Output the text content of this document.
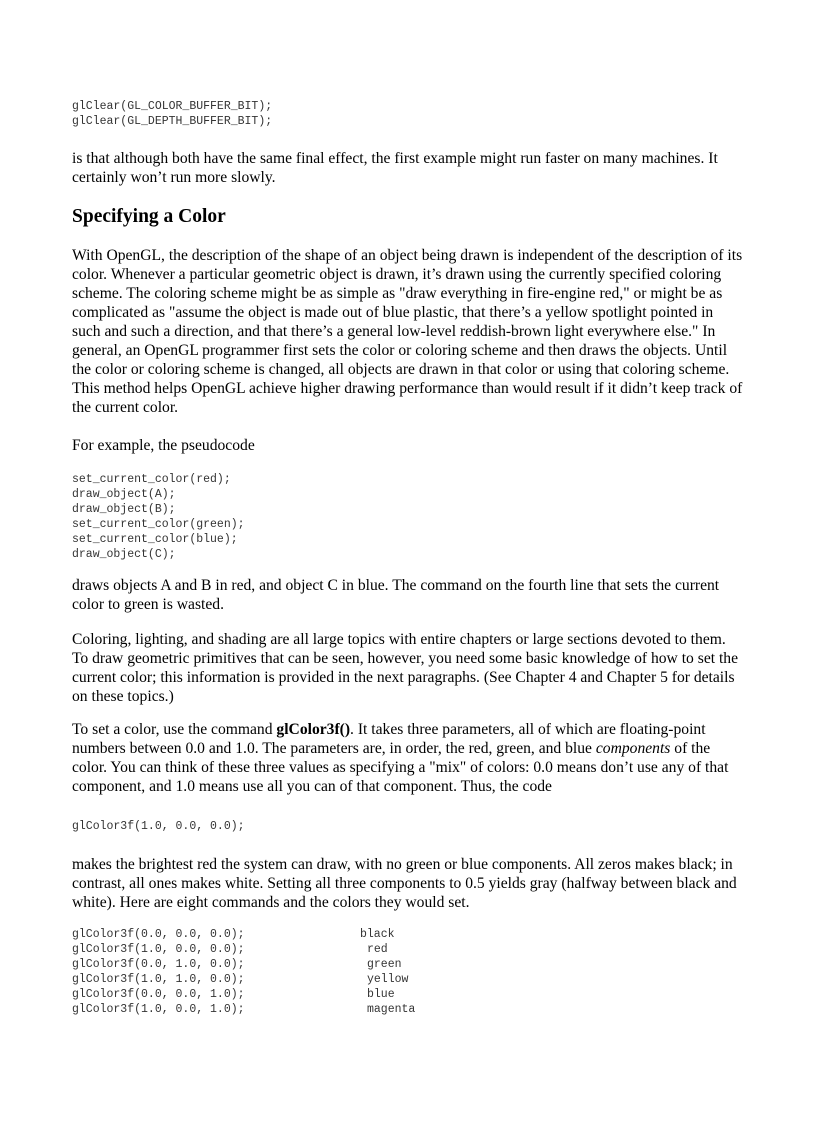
glClear(GL_COLOR_BUFFER_BIT);
glClear(GL_DEPTH_BUFFER_BIT);

is that although both have the same final effect, the first example might run faster on many machines. It certainly won’t run more slowly.

Specifying a Color

With OpenGL, the description of the shape of an object being drawn is independent of the description of its color. Whenever a particular geometric object is drawn, it’s drawn using the currently specified coloring scheme. The coloring scheme might be as simple as "draw everything in fire-engine red," or might be as complicated as "assume the object is made out of blue plastic, that there’s a yellow spotlight pointed in such and such a direction, and that there’s a general low-level reddish-brown light everywhere else." In general, an OpenGL programmer first sets the color or coloring scheme and then draws the objects. Until the color or coloring scheme is changed, all objects are drawn in that color or using that coloring scheme. This method helps OpenGL achieve higher drawing performance than would result if it didn’t keep track of the current color.

For example, the pseudocode

set_current_color(red);
draw_object(A);
draw_object(B);
set_current_color(green);
set_current_color(blue);
draw_object(C);

draws objects A and B in red, and object C in blue. The command on the fourth line that sets the current color to green is wasted.

Coloring, lighting, and shading are all large topics with entire chapters or large sections devoted to them. To draw geometric primitives that can be seen, however, you need some basic knowledge of how to set the current color; this information is provided in the next paragraphs. (See Chapter 4 and Chapter 5 for details on these topics.)

To set a color, use the command glColor3f(). It takes three parameters, all of which are floating-point numbers between 0.0 and 1.0. The parameters are, in order, the red, green, and blue components of the color. You can think of these three values as specifying a "mix" of colors: 0.0 means don’t use any of that component, and 1.0 means use all you can of that component. Thus, the code

glColor3f(1.0, 0.0, 0.0);

makes the brightest red the system can draw, with no green or blue components. All zeros makes black; in contrast, all ones makes white. Setting all three components to 0.5 yields gray (halfway between black and white). Here are eight commands and the colors they would set.

glColor3f(0.0, 0.0, 0.0);	black
glColor3f(1.0, 0.0, 0.0);	red
glColor3f(0.0, 1.0, 0.0);	green
glColor3f(1.0, 1.0, 0.0);	yellow
glColor3f(0.0, 0.0, 1.0);	blue
glColor3f(1.0, 0.0, 1.0);	magenta
